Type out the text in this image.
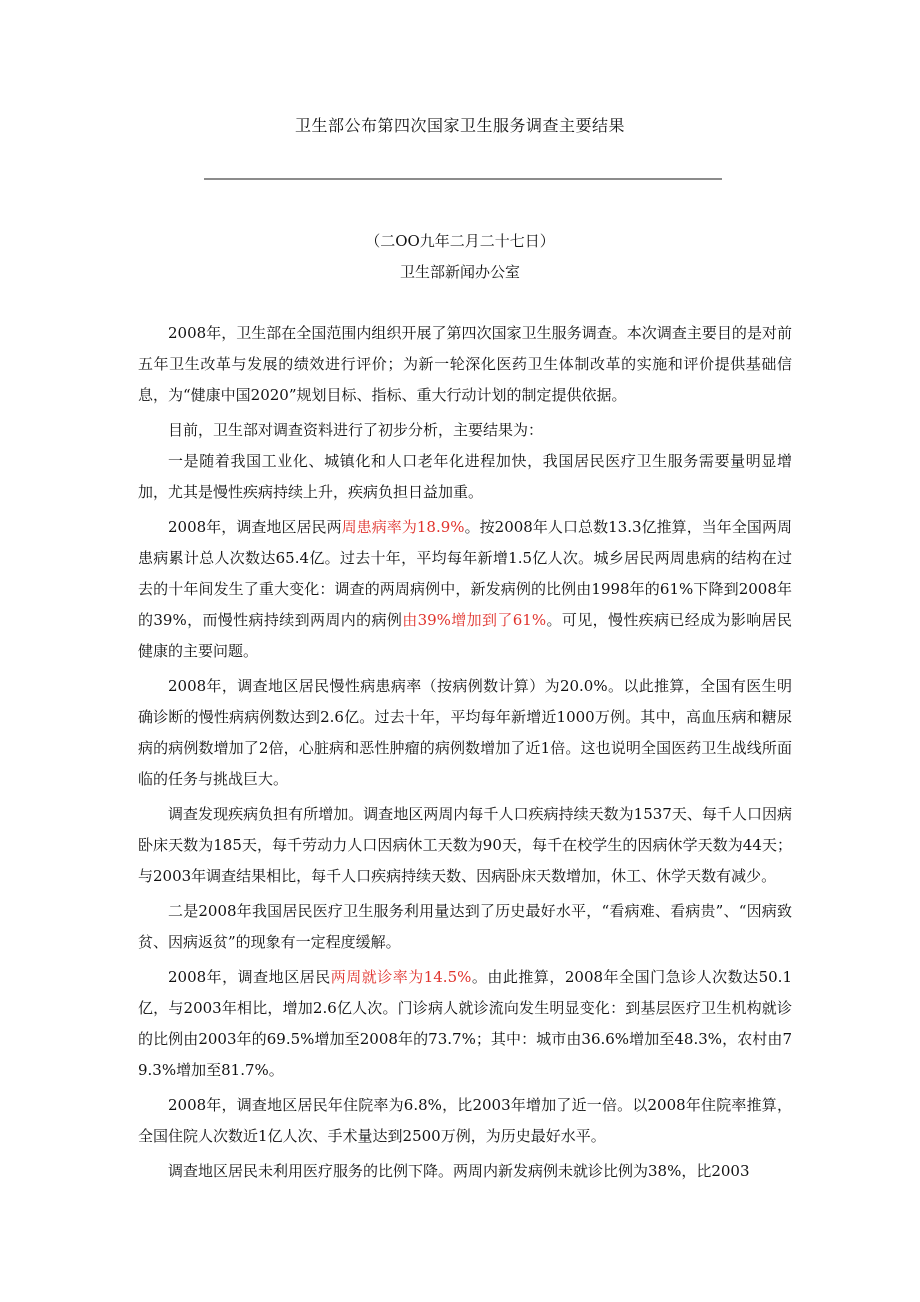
卫生部公布第四次国家卫生服务调查主要结果
（二OO九年二月二十七日）
卫生部新闻办公室

2008年，卫生部在全国范围内组织开展了第四次国家卫生服务调查。本次调查主要目的是对前五年卫生改革与发展的绩效进行评价；为新一轮深化医药卫生体制改革的实施和评价提供基础信息，为“健康中国2020”规划目标、指标、重大行动计划的制定提供依据。

目前，卫生部对调查资料进行了初步分析，主要结果为：

一是随着我国工业化、城镇化和人口老年化进程加快，我国居民医疗卫生服务需要量明显增加，尤其是慢性疾病持续上升，疾病负担日益加重。

2008年，调查地区居民两周患病率为18.9%。按2008年人口总数13.3亿推算，当年全国两周患病累计总人次数达65.4亿。过去十年，平均每年新增1.5亿人次。城乡居民两周患病的结构在过去的十年间发生了重大变化：调查的两周病例中，新发病例的比例由1998年的61%下降到2008年的39%，而慢性病持续到两周内的病例由39%增加到了61%。可见，慢性疾病已经成为影响居民健康的主要问题。

2008年，调查地区居民慢性病患病率（按病例数计算）为20.0%。以此推算，全国有医生明确诊断的慢性病病例数达到2.6亿。过去十年，平均每年新增近1000万例。其中，高血压病和糖尿病的病例数增加了2倍，心脏病和恶性肿瘤的病例数增加了近1倍。这也说明全国医药卫生战线所面临的任务与挑战巨大。

调查发现疾病负担有所增加。调查地区两周内每千人口疾病持续天数为1537天、每千人口因病卧床天数为185天，每千劳动力人口因病休工天数为90天，每千在校学生的因病休学天数为44天；与2003年调查结果相比，每千人口疾病持续天数、因病卧床天数增加，休工、休学天数有减少。

二是2008年我国居民医疗卫生服务利用量达到了历史最好水平，“看病难、看病贵”、“因病致贫、因病返贫”的现象有一定程度缓解。

2008年，调查地区居民两周就诊率为14.5%。由此推算，2008年全国门急诊人次数达50.1亿，与2003年相比，增加2.6亿人次。门诊病人就诊流向发生明显变化：到基层医疗卫生机构就诊的比例由2003年的69.5%增加至2008年的73.7%；其中：城市由36.6%增加至48.3%，农村由79.3%增加至81.7%。

2008年，调查地区居民年住院率为6.8%，比2003年增加了近一倍。以2008年住院率推算，全国住院人次数近1亿人次、手术量达到2500万例，为历史最好水平。

调查地区居民未利用医疗服务的比例下降。两周内新发病例未就诊比例为38%，比2003
